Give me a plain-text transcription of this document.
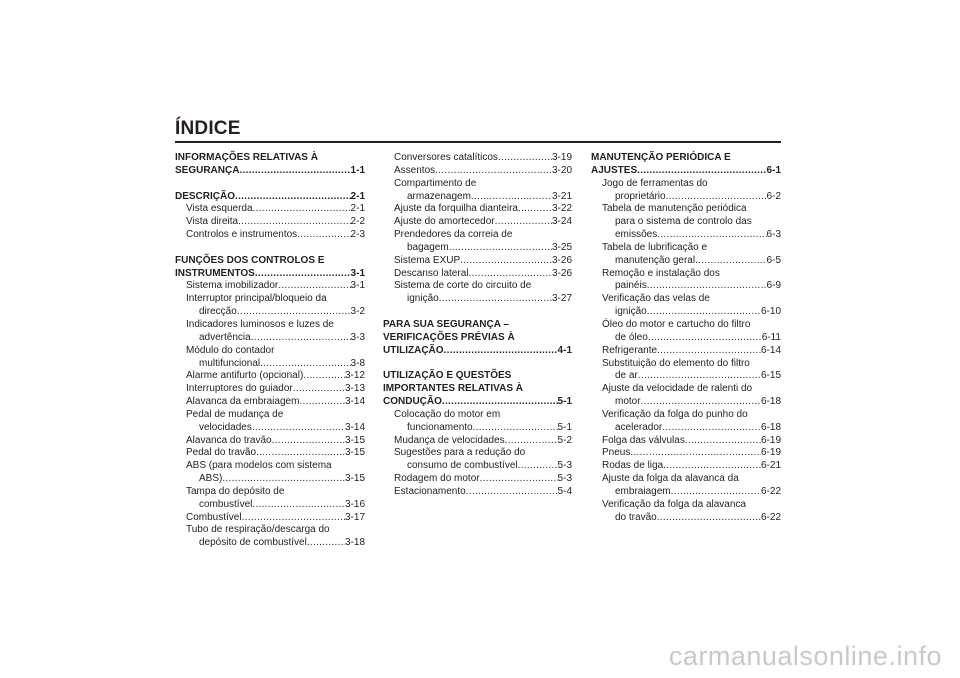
ÍNDICE
INFORMAÇÕES RELATIVAS À
SEGURANÇA .....	1-1
DESCRIÇÃO .....	2-1
Vista esquerda .....	2-1
Vista direita .....	2-2
Controlos e instrumentos .....	2-3
FUNÇÕES DOS CONTROLOS E
INSTRUMENTOS .....	3-1
Sistema imobilizador .....	3-1
Interruptor principal/bloqueio da
direcção .....	3-2
Indicadores luminosos e luzes de
advertência .....	3-3
Módulo do contador
multifuncional .....	3-8
Alarme antifurto (opcional) .....	3-12
Interruptores do guiador .....	3-13
Alavanca da embraiagem .....	3-14
Pedal de mudança de
velocidades .....	3-14
Alavanca do travão .....	3-15
Pedal do travão .....	3-15
ABS (para modelos com sistema
ABS) .....	3-15
Tampa do depósito de
combustível .....	3-16
Combustível .....	3-17
Tubo de respiração/descarga do
depósito de combustível .....	3-18
Conversores catalíticos .....	3-19
Assentos .....	3-20
Compartimento de
armazenagem .....	3-21
Ajuste da forquilha dianteira .....	3-22
Ajuste do amortecedor .....	3-24
Prendedores da correia de
bagagem .....	3-25
Sistema EXUP .....	3-26
Descanso lateral .....	3-26
Sistema de corte do circuito de
ignição .....	3-27
PARA SUA SEGURANÇA –
VERIFICAÇÕES PRÉVIAS À
UTILIZAÇÃO .....	4-1
UTILIZAÇÃO E QUESTÕES
IMPORTANTES RELATIVAS À
CONDUÇÃO .....	5-1
Colocação do motor em
funcionamento .....	5-1
Mudança de velocidades .....	5-2
Sugestões para a redução do
consumo de combustível .....	5-3
Rodagem do motor .....	5-3
Estacionamento .....	5-4
MANUTENÇÃO PERIÓDICA E
AJUSTES .....	6-1
Jogo de ferramentas do
proprietário .....	6-2
Tabela de manutenção periódica
para o sistema de controlo das
emissões .....	6-3
Tabela de lubrificação e
manutenção geral .....	6-5
Remoção e instalação dos
painéis .....	6-9
Verificação das velas de
ignição .....	6-10
Óleo do motor e cartucho do filtro
de óleo .....	6-11
Refrigerante .....	6-14
Substituição do elemento do filtro
de ar .....	6-15
Ajuste da velocidade de ralenti do
motor .....	6-18
Verificação da folga do punho do
acelerador .....	6-18
Folga das válvulas .....	6-19
Pneus .....	6-19
Rodas de liga .....	6-21
Ajuste da folga da alavanca da
embraiagem .....	6-22
Verificação da folga da alavanca
do travão .....	6-22
carmanualsonline.info
